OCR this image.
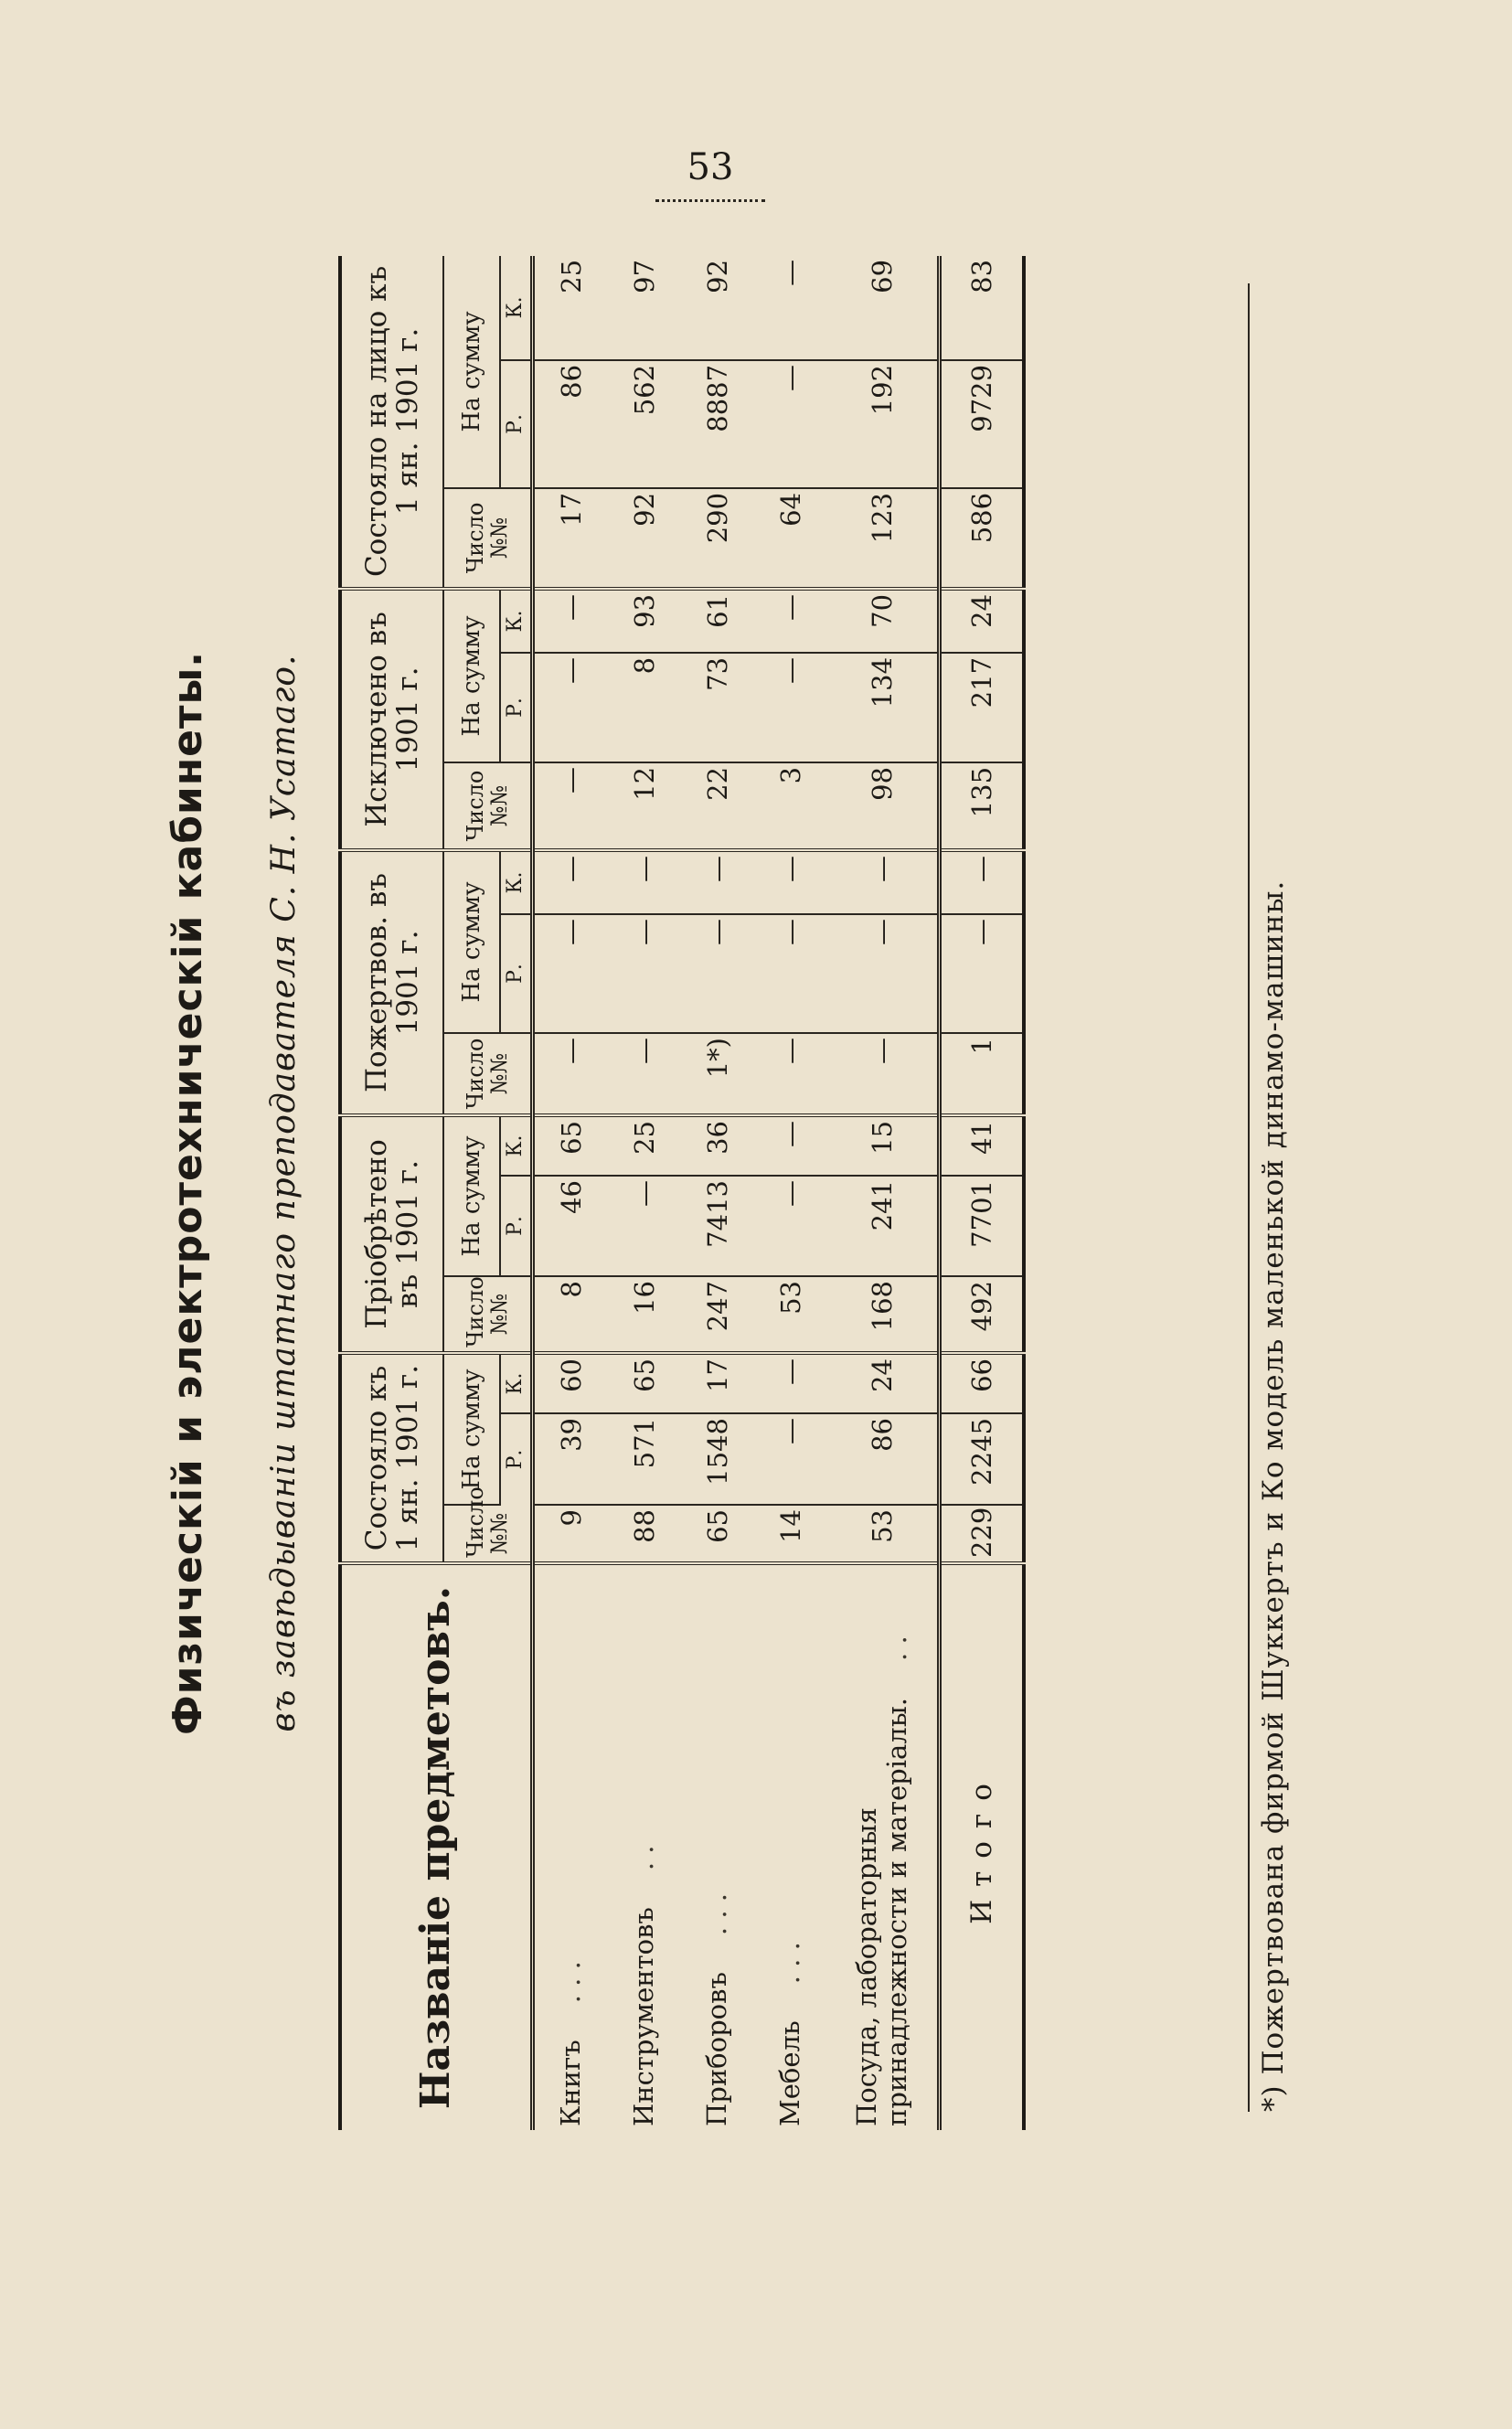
53
Физическій и электротехническій кабинеты. въ завѣдываніи штатнаго преподавателя С. Н. Усатаго.
Названіе предметовъ.	Состояло къ 1 ян. 1901 г.			Пріобрѣтено въ 1901 г.			Пожертвов. въ 1901 г.			Исключено въ 1901 г.			Состояло на лицо къ 1 ян. 1901 г.		
	Число №№	На сумму		Число №№	На сумму		Число №№	На сумму		Число №№	На сумму		Число №№	На сумму	
		Р.	К.		Р.	К.		Р.	К.		Р.	К.		Р.	К.
Книгъ. . .	9	39	60	8	46	65	—	—	—	—	—	—	17	86	25
Инструментовъ. .	88	571	65	16	—	25	—	—	—	12	8	93	92	562	97
Приборовъ. . .	65	1548	17	247	7413	36	1*)	—	—	22	73	61	290	8887	92
Мебель. . .	14	—	—	53	—	—	—	—	—	3	—	—	64	—	—
Посуда, лабораторныя принадлежности и матеріалы.. .	53	86	24	168	241	15	—	—	—	98	134	70	123	192	69
Итого	229	2245	66	492	7701	41	1	—	—	135	217	24	586	9729	83
*) Пожертвована фирмой Шуккертъ и Ко модель маленькой динамо-машины.
